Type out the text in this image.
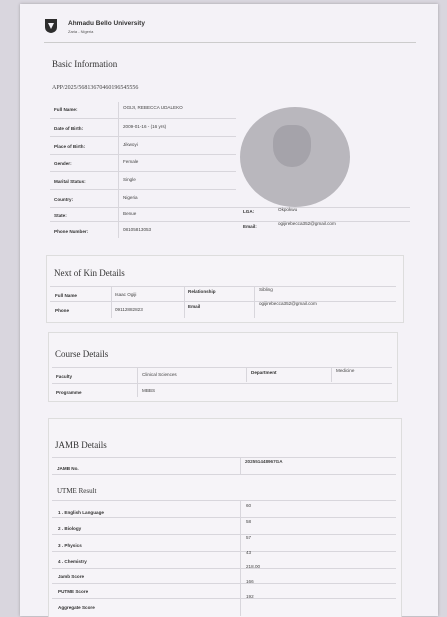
Ahmadu Bello University
Zaria - Nigeria
Basic Information
APP/2025/56813670460196545556
Full Name:	OGIJI, REBECCA UDALEKO
Date of Birth:	2009-01-16 - (16 yrs)
Place of Birth:	Jikwoyi
Gender:	Female
Marital Status:	Single
Country:	Nigeria
State:	Benue	LGA:	Okpokwu
Phone Number:	08105813053
Email:
ogijirebecca352@gmail.com
Next of Kin Details
Full Name	Isaac Ogiji
Relationship	Sibling
Phone	09112882823
Email
ogijirebecca352@gmail.com
Course Details
Faculty	Clinical Sciences	Department	Medicine
Programme	MBBS
JAMB Details
JAMB No.
202551448967GA
UTME Result
1 . English Language
60
2 . Biology
58
3 . Physics
57
4 . Chemistry
43
Jamb Score
218.00
PUTME Score
166
Aggregate Score
192
